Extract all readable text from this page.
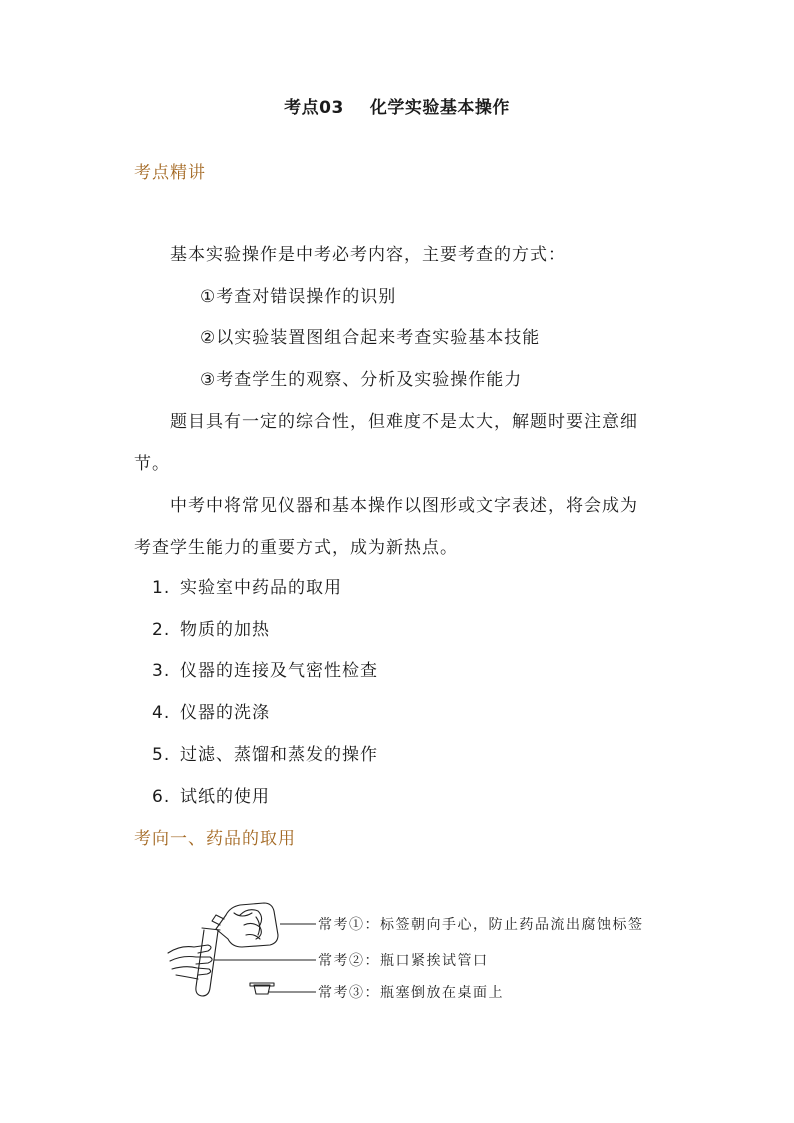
考点03 化学实验基本操作
考点精讲
基本实验操作是中考必考内容，主要考查的方式：
①考查对错误操作的识别
②以实验装置图组合起来考查实验基本技能
③考查学生的观察、分析及实验操作能力
题目具有一定的综合性，但难度不是太大，解题时要注意细
节。
中考中将常见仪器和基本操作以图形或文字表述，将会成为
考查学生能力的重要方式，成为新热点。
1. 实验室中药品的取用
2. 物质的加热
3. 仪器的连接及气密性检查
4. 仪器的洗涤
5. 过滤、蒸馏和蒸发的操作
6. 试纸的使用
考向一、药品的取用
常考①：标签朝向手心，防止药品流出腐蚀标签
常考②：瓶口紧挨试管口
常考③：瓶塞倒放在桌面上
